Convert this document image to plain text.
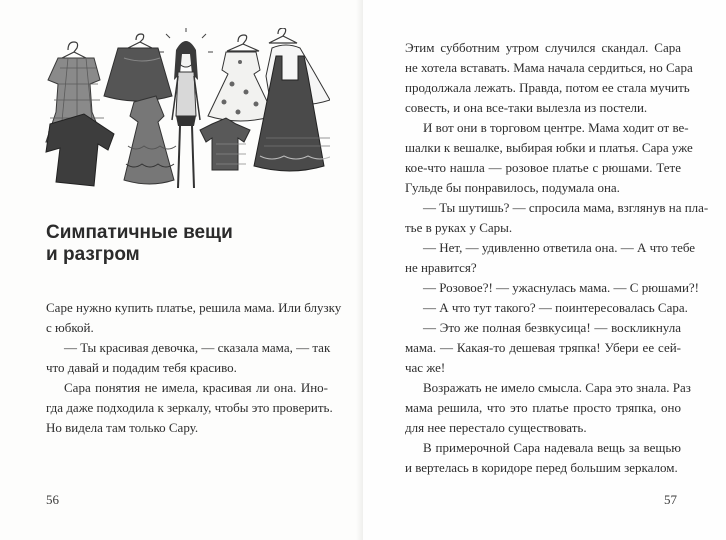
Симпатичные вещи
и разгром
Саре нужно купить платье, решила мама. Или блузку
с юбкой.
— Ты красивая девочка, — сказала мама, — так
что давай и подадим тебя красиво.
Сара понятия не имела, красивая ли она. Ино-
гда даже подходила к зеркалу, чтобы это проверить.
Но видела там только Сару.
56
Этим субботним утром случился скандал. Сара
не хотела вставать. Мама начала сердиться, но Сара
продолжала лежать. Правда, потом ее стала мучить
совесть, и она все-таки вылезла из постели.
И вот они в торговом центре. Мама ходит от ве-
шалки к вешалке, выбирая юбки и платья. Сара уже
кое-что нашла — розовое платье с рюшами. Тете
Гульде бы понравилось, подумала она.
— Ты шутишь? — спросила мама, взглянув на пла-
тье в руках у Сары.
— Нет, — удивленно ответила она. — А что тебе
не нравится?
— Розовое?! — ужаснулась мама. — С рюшами?!
— А что тут такого? — поинтересовалась Сара.
— Это же полная безвкусица! — воскликнула
мама. — Какая-то дешевая тряпка! Убери ее сей-
час же!
Возражать не имело смысла. Сара это знала. Раз
мама решила, что это платье просто тряпка, оно
для нее перестало существовать.
В примерочной Сара надевала вещь за вещью
и вертелась в коридоре перед большим зеркалом.
57
